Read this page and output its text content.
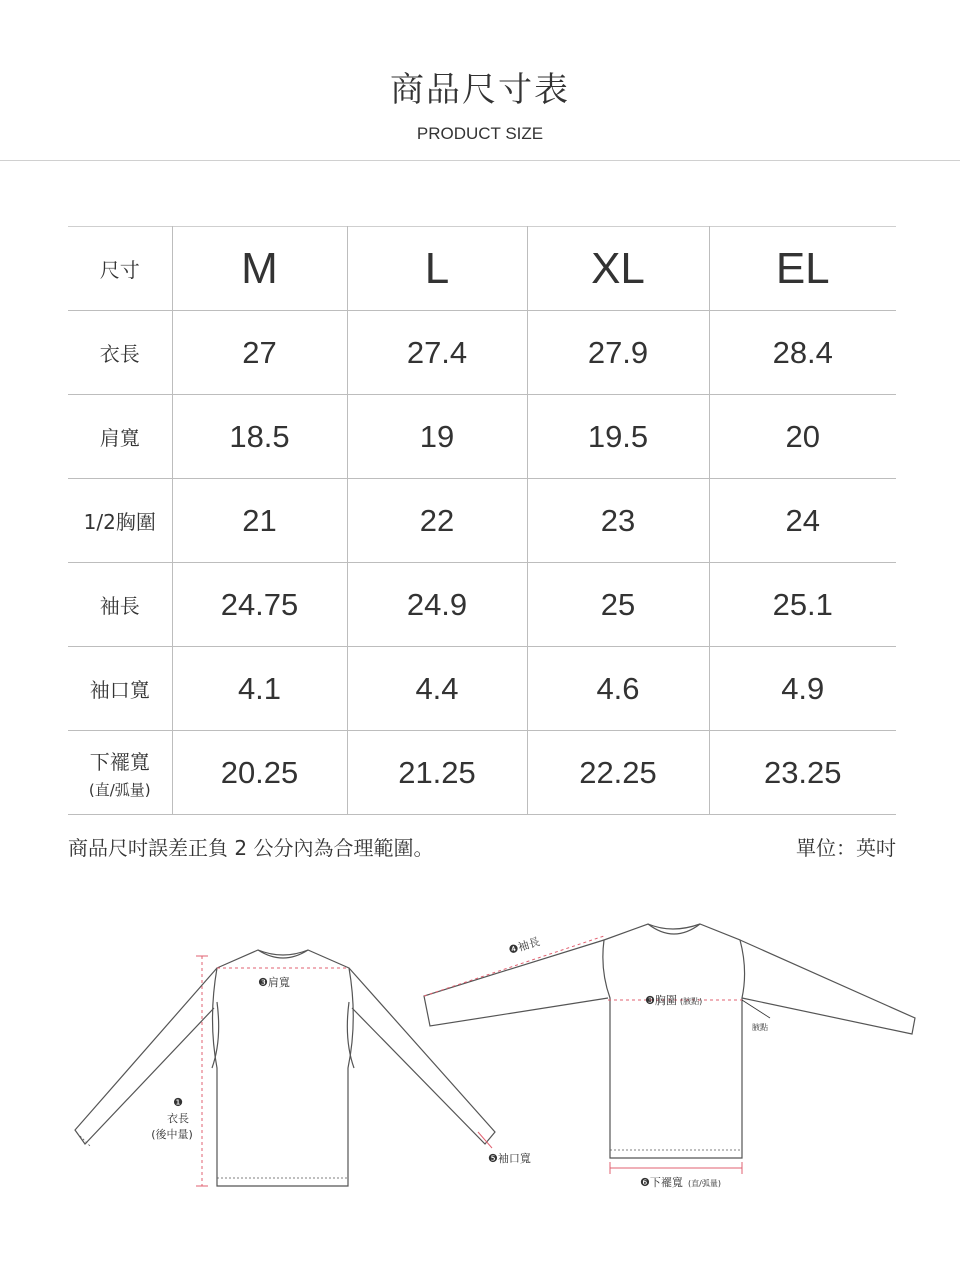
商品尺寸表
PRODUCT SIZE
尺寸	M	L	XL	EL
衣長	27	27.4	27.9	28.4
肩寬	18.5	19	19.5	20
1/2胸圍	21	22	23	24
袖長	24.75	24.9	25	25.1
袖口寬	4.1	4.4	4.6	4.9
下襬寬
(直/弧量)	20.25	21.25	22.25	23.25
商品尺吋誤差正負 2 公分內為合理範圍。	單位：英吋
❸肩寬
❶
衣長
(後中量)
❺袖口寬
❹袖長
❸胸圍 (腋點)
腋點
❻下襬寬 (直/弧量)
